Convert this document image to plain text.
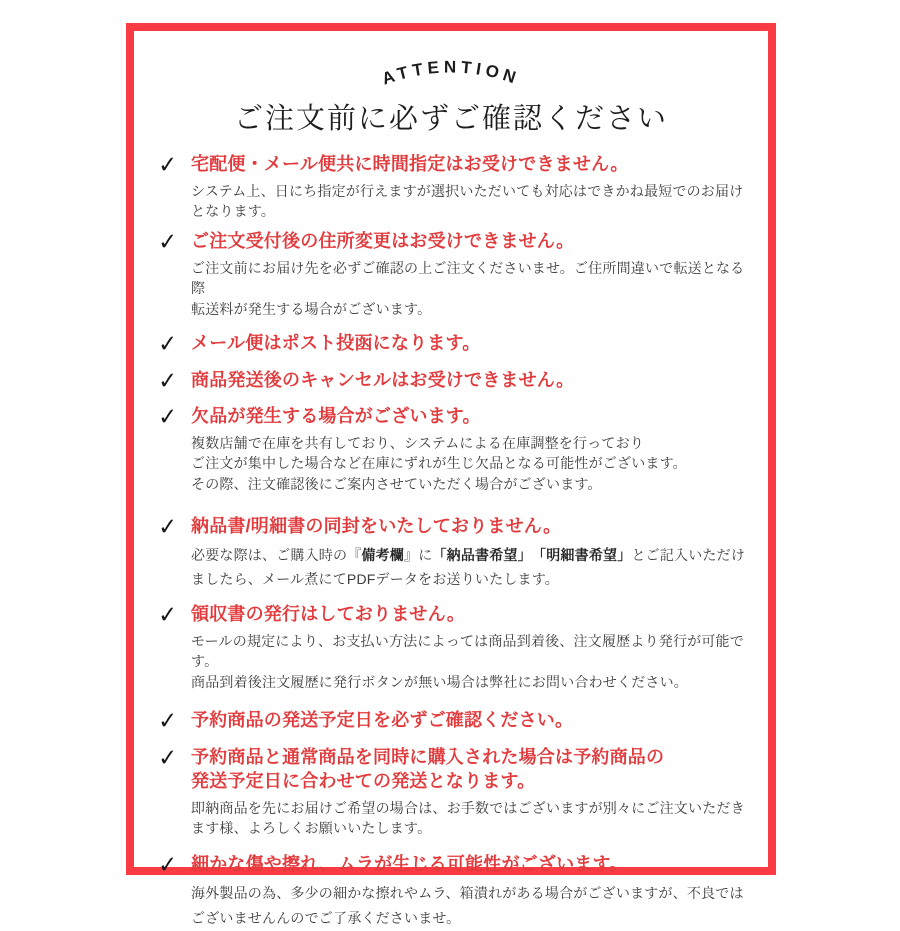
ATTENTION
ご注文前に必ずご確認ください
✓ 宅配便・メール便共に時間指定はお受けできません。

システム上、日にち指定が行えますが選択いただいても対応はできかね最短でのお届け
となります。

✓ ご注文受付後の住所変更はお受けできません。

ご注文前にお届け先を必ずご確認の上ご注文くださいませ。ご住所間違いで転送となる際
転送料が発生する場合がございます。

✓ メール便はポスト投函になります。
✓ 商品発送後のキャンセルはお受けできません。
✓ 欠品が発生する場合がございます。

複数店舗で在庫を共有しており、システムによる在庫調整を行っており
ご注文が集中した場合など在庫にずれが生じ欠品となる可能性がございます。
その際、注文確認後にご案内させていただく場合がございます。

✓ 納品書/明細書の同封をいたしておりません。

必要な際は、ご購入時の『備考欄』に「納品書希望」　 「明細書希望」とご記入いただけ
ましたら、メール煮にてPDFデータをお送りいたします。

✓ 領収書の発行はしておりません。

モールの規定により、お支払い方法によっては商品到着後、注文履歴より発行が可能です。
商品到着後注文履歴に発行ボタンが無い場合は弊社にお問い合わせください。

✓ 予約商品の発送予定日を必ずご確認ください。
✓ 予約商品と通常商品を同時に購入された場合は予約商品の
発送予定日に合わせての発送となります。

即納商品を先にお届けご希望の場合は、お手数ではございますが別々にご注文いただき
ます様、よろしくお願いいたします。

✓ 細かな傷や擦れ、ムラが生じる可能性がございます。

海外製品の為、多少の細かな擦れやムラ、箱潰れがある場合がございますが、不良では
ございませんんのでご了承くださいませ。
